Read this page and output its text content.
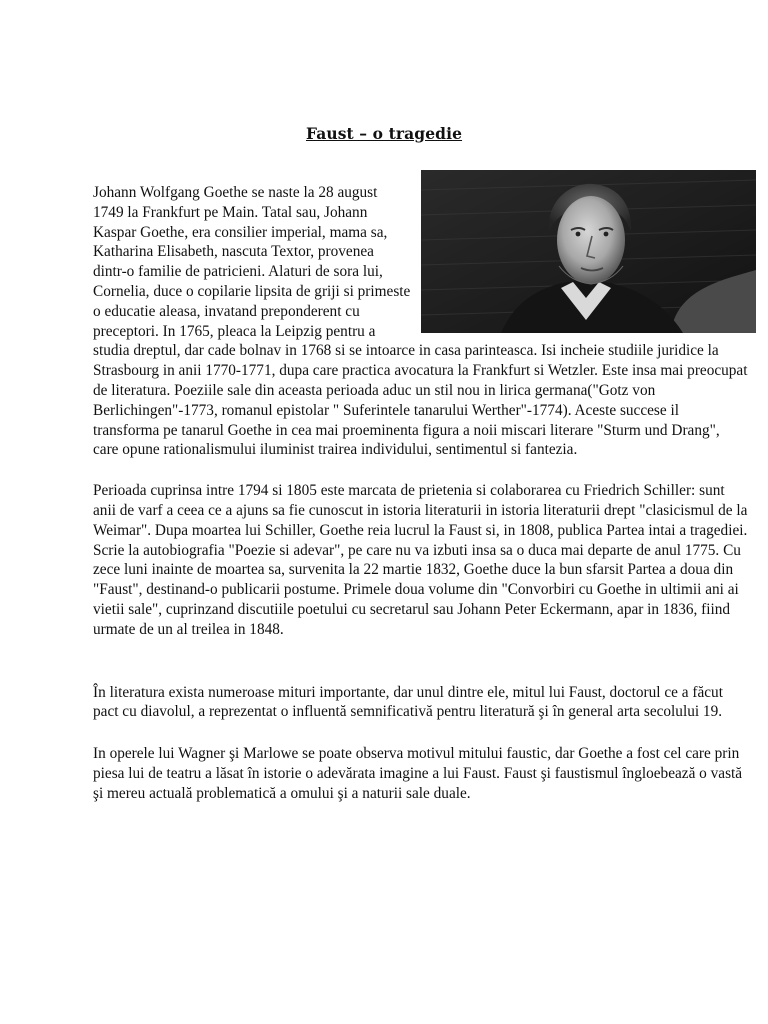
Faust – o tragedie

Johann Wolfgang Goethe se naste la 28 august 1749 la Frankfurt pe Main. Tatal sau, Johann Kaspar Goethe, era consilier imperial, mama sa, Katharina Elisabeth, nascuta Textor, provenea dintr-o familie de patricieni. Alaturi de sora lui, Cornelia, duce o copilarie lipsita de griji si primeste o educatie aleasa, invatand preponderent cu preceptori. In 1765, pleaca la Leipzig pentru a studia dreptul, dar cade bolnav in 1768 si se intoarce in casa parinteasca. Isi incheie studiile juridice la Strasbourg in anii 1770-1771, dupa care practica avocatura la Frankfurt si Wetzler. Este insa mai preocupat de literatura. Poeziile sale din aceasta perioada aduc un stil nou in lirica germana("Gotz von Berlichingen"-1773, romanul epistolar " Suferintele tanarului Werther"-1774). Aceste succese il transforma pe tanarul Goethe in cea mai proeminenta figura a noii miscari literare "Sturm und Drang", care opune rationalismului iluminist trairea individului, sentimentul si fantezia.

Perioada cuprinsa intre 1794 si 1805 este marcata de prietenia si colaborarea cu Friedrich Schiller: sunt anii de varf a ceea ce a ajuns sa fie cunoscut in istoria literaturii in istoria literaturii drept "clasicismul de la Weimar". Dupa moartea lui Schiller, Goethe reia lucrul la Faust si, in 1808, publica Partea intai a tragediei. Scrie la autobiografia "Poezie si adevar", pe care nu va izbuti insa sa o duca mai departe de anul 1775. Cu zece luni inainte de moartea sa, survenita la 22 martie 1832, Goethe duce la bun sfarsit Partea a doua din "Faust", destinand-o publicarii postume. Primele doua volume din "Convorbiri cu Goethe in ultimii ani ai vietii sale", cuprinzand discutiile poetului cu secretarul sau Johann Peter Eckermann, apar in 1836, fiind urmate de un al treilea in 1848.

În literatura exista numeroase mituri importante, dar unul dintre ele, mitul lui Faust, doctorul ce a făcut pact cu diavolul, a reprezentat o influentă semnificativă pentru literatură şi în general arta secolului 19.

In operele lui Wagner şi Marlowe se poate observa motivul mitului faustic, dar Goethe a fost cel care prin piesa lui de teatru a lăsat în istorie o adevărata imagine a lui Faust. Faust şi faustismul îngloebează o vastă şi mereu actuală problematică a omului şi a naturii sale duale.
